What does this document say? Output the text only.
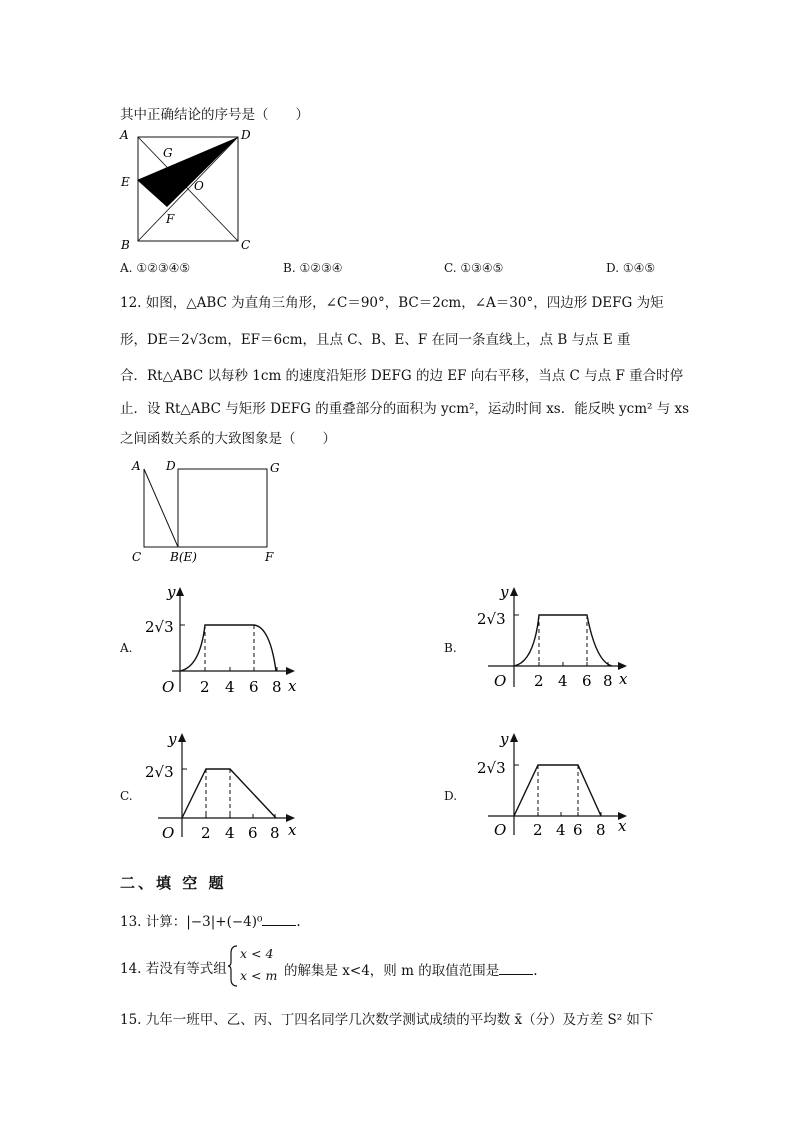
其中正确结论的序号是（　　）
A	D
G
E	O
F
B	C
A. ①②③④⑤	B. ①②③④	C. ①③④⑤	D. ①④⑤
12. 如图，△ABC 为直角三角形，∠C＝90°，BC＝2cm，∠A＝30°，四边形 DEFG 为矩
形，DE＝2√3cm，EF＝6cm，且点 C、B、E、F 在同一条直线上，点 B 与点 E 重
合．Rt△ABC 以每秒 1cm 的速度沿矩形 DEFG 的边 EF 向右平移，当点 C 与点 F 重合时停
止．设 Rt△ABC 与矩形 DEFG 的重叠部分的面积为 ycm²，运动时间 xs．能反映 ycm² 与 xs
之间函数关系的大致图象是（　　）
A D	G
C B(E)	F
A.	B.
C.	D.
y
2√3
O 2 4 6 8 x
y
2√3
O 2 4 6 8 x
y
2√3
O 2 4 6 8 x
y
2√3
O 2 4 6 8 x
二、填 空 题
13. 计算：|−3|+(−4)⁰	.
14. 若没有等式组
x < 4
x < m 的解集是 x<4，则 m 的取值范围是	.
15. 九年一班甲、乙、丙、丁四名同学几次数学测试成绩的平均数 x̄（分）及方差 S² 如下
